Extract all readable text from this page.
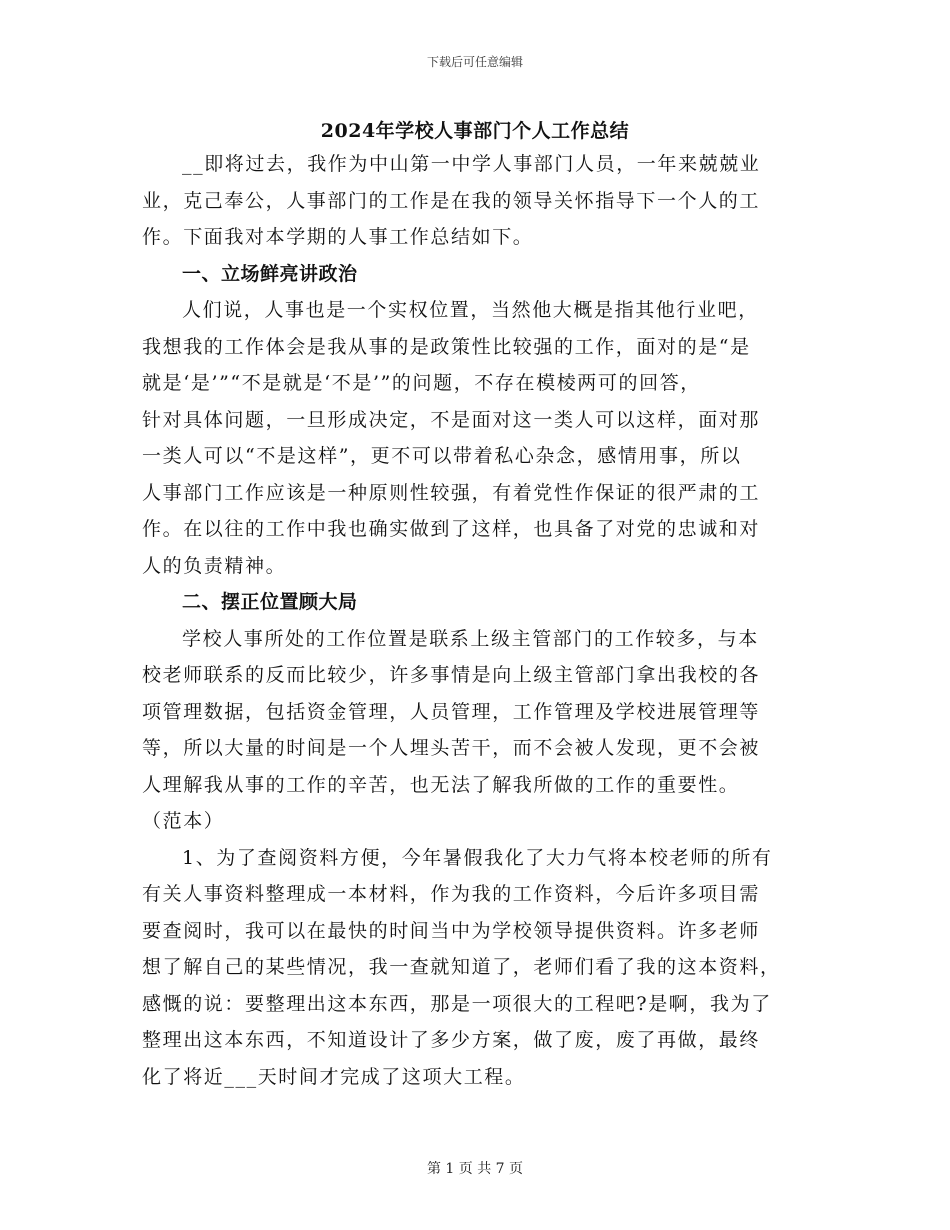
下载后可任意编辑
2024年学校人事部门个人工作总结
__即将过去，我作为中山第一中学人事部门人员，一年来兢兢业
业，克己奉公，人事部门的工作是在我的领导关怀指导下一个人的工
作。下面我对本学期的人事工作总结如下。
一、立场鲜亮讲政治
人们说，人事也是一个实权位置，当然他大概是指其他行业吧，
我想我的工作体会是我从事的是政策性比较强的工作，面对的是“是
就是‘是’”“不是就是‘不是’”的问题，不存在模棱两可的回答，
针对具体问题，一旦形成决定，不是面对这一类人可以这样，面对那
一类人可以“不是这样”，更不可以带着私心杂念，感情用事，所以
人事部门工作应该是一种原则性较强，有着党性作保证的很严肃的工
作。在以往的工作中我也确实做到了这样，也具备了对党的忠诚和对
人的负责精神。
二、摆正位置顾大局
学校人事所处的工作位置是联系上级主管部门的工作较多，与本
校老师联系的反而比较少，许多事情是向上级主管部门拿出我校的各
项管理数据，包括资金管理，人员管理，工作管理及学校进展管理等
等，所以大量的时间是一个人埋头苦干，而不会被人发现，更不会被
人理解我从事的工作的辛苦，也无法了解我所做的工作的重要性。
（范本）
1、为了查阅资料方便，今年暑假我化了大力气将本校老师的所有
有关人事资料整理成一本材料，作为我的工作资料，今后许多项目需
要查阅时，我可以在最快的时间当中为学校领导提供资料。许多老师
想了解自己的某些情况，我一查就知道了，老师们看了我的这本资料，
感慨的说：要整理出这本东西，那是一项很大的工程吧?是啊，我为了
整理出这本东西，不知道设计了多少方案，做了废，废了再做，最终
化了将近___天时间才完成了这项大工程。
第 1 页 共 7 页
